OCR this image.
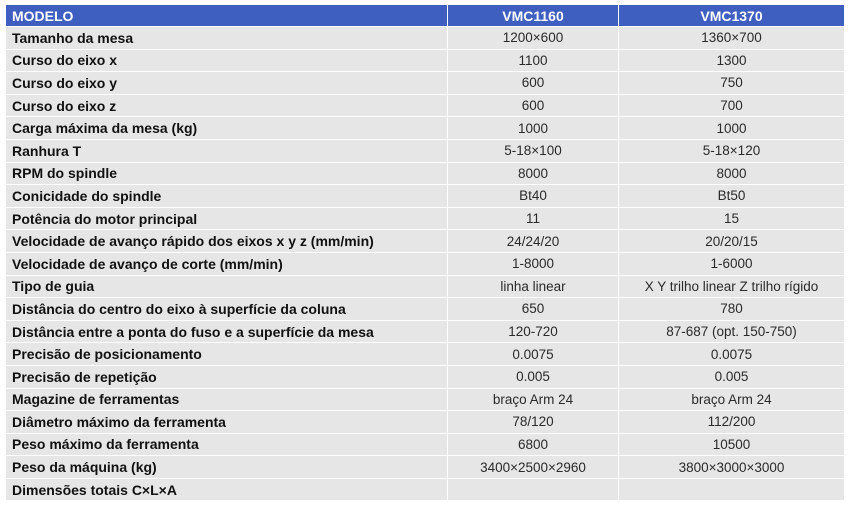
MODELO	VMC1160	VMC1370
Tamanho da mesa	1200×600	1360×700
Curso do eixo x	1100	1300
Curso do eixo y	600	750
Curso do eixo z	600	700
Carga máxima da mesa (kg)	1000	1000
Ranhura T	5-18×100	5-18×120
RPM do spindle	8000	8000
Conicidade do spindle	Bt40	Bt50
Potência do motor principal	11	15
Velocidade de avanço rápido dos eixos x y z (mm/min)	24/24/20	20/20/15
Velocidade de avanço de corte (mm/min)	1-8000	1-6000
Tipo de guia	linha linear	X Y trilho linear Z trilho rígido
Distância do centro do eixo à superfície da coluna	650	780
Distância entre a ponta do fuso e a superfície da mesa	120-720	87-687 (opt. 150-750)
Precisão de posicionamento	0.0075	0.0075
Precisão de repetição	0.005	0.005
Magazine de ferramentas	braço Arm 24	braço Arm 24
Diâmetro máximo da ferramenta	78/120	112/200
Peso máximo da ferramenta	6800	10500
Peso da máquina (kg)	3400×2500×2960	3800×3000×3000
Dimensões totais C×L×A		
